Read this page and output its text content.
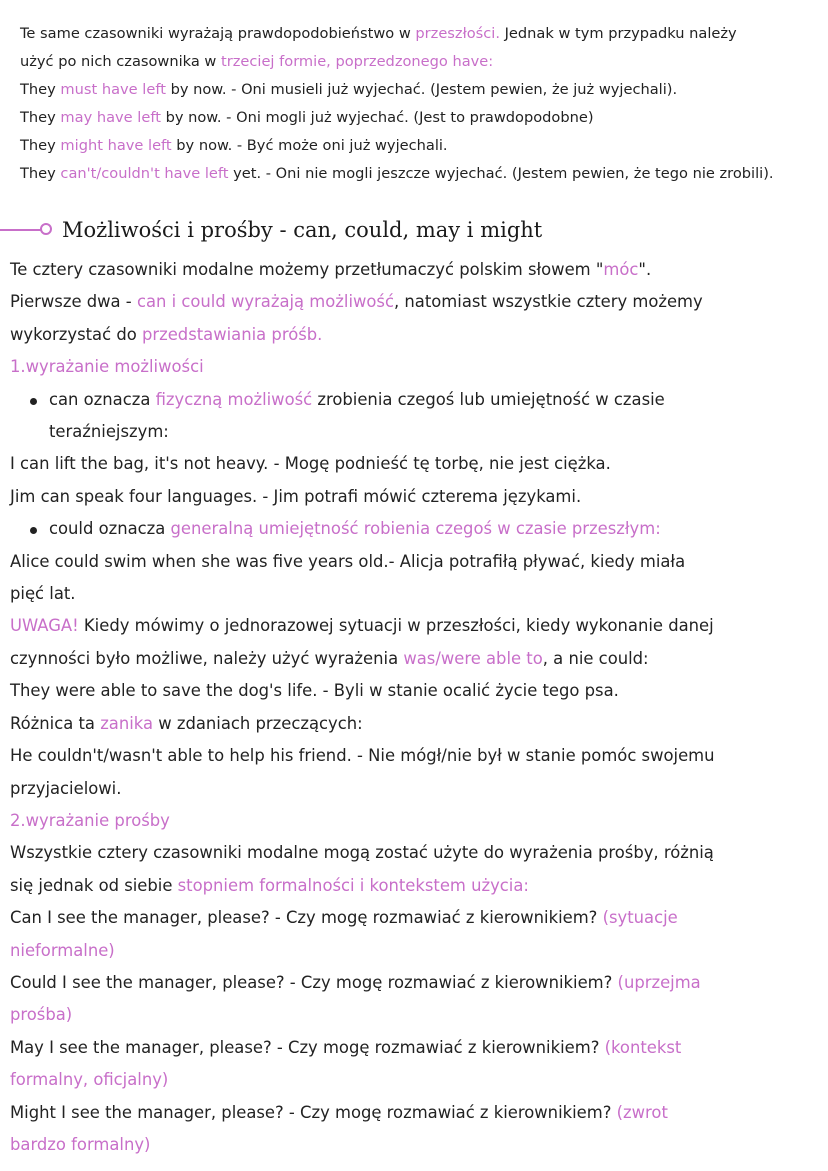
Te same czasowniki wyrażają prawdopodobieństwo w przeszłości. Jednak w tym przypadku należy

użyć po nich czasownika w trzeciej formie, poprzedzonego have:

They must have left by now. - Oni musieli już wyjechać. (Jestem pewien, że już wyjechali).

They may have left by now. - Oni mogli już wyjechać. (Jest to prawdopodobne)

They might have left by now. - Być może oni już wyjechali.

They can't/couldn't have left yet. - Oni nie mogli jeszcze wyjechać. (Jestem pewien, że tego nie zrobili).

Możliwości i prośby - can, could, may i might

Te cztery czasowniki modalne możemy przetłumaczyć polskim słowem "móc".

Pierwsze dwa - can i could wyrażają możliwość, natomiast wszystkie cztery możemy

wykorzystać do przedstawiania próśb.

1.wyrażanie możliwości

can oznacza fizyczną możliwość zrobienia czegoś lub umiejętność w czasie

teraźniejszym:

I can lift the bag, it's not heavy. - Mogę podnieść tę torbę, nie jest ciężka.

Jim can speak four languages. - Jim potrafi mówić czterema językami.

could oznacza generalną umiejętność robienia czegoś w czasie przeszłym:

Alice could swim when she was five years old.- Alicja potrafiłą pływać, kiedy miała

pięć lat.

UWAGA! Kiedy mówimy o jednorazowej sytuacji w przeszłości, kiedy wykonanie danej

czynności było możliwe, należy użyć wyrażenia was/were able to, a nie could:

They were able to save the dog's life. - Byli w stanie ocalić życie tego psa.

Różnica ta zanika w zdaniach przeczących:

He couldn't/wasn't able to help his friend. - Nie mógł/nie był w stanie pomóc swojemu

przyjacielowi.

2.wyrażanie prośby

Wszystkie cztery czasowniki modalne mogą zostać użyte do wyrażenia prośby, różnią

się jednak od siebie stopniem formalności i kontekstem użycia:

Can I see the manager, please? - Czy mogę rozmawiać z kierownikiem? (sytuacje

nieformalne)

Could I see the manager, please? - Czy mogę rozmawiać z kierownikiem? (uprzejma

prośba)

May I see the manager, please? - Czy mogę rozmawiać z kierownikiem? (kontekst

formalny, oficjalny)

Might I see the manager, please? - Czy mogę rozmawiać z kierownikiem? (zwrot

bardzo formalny)
